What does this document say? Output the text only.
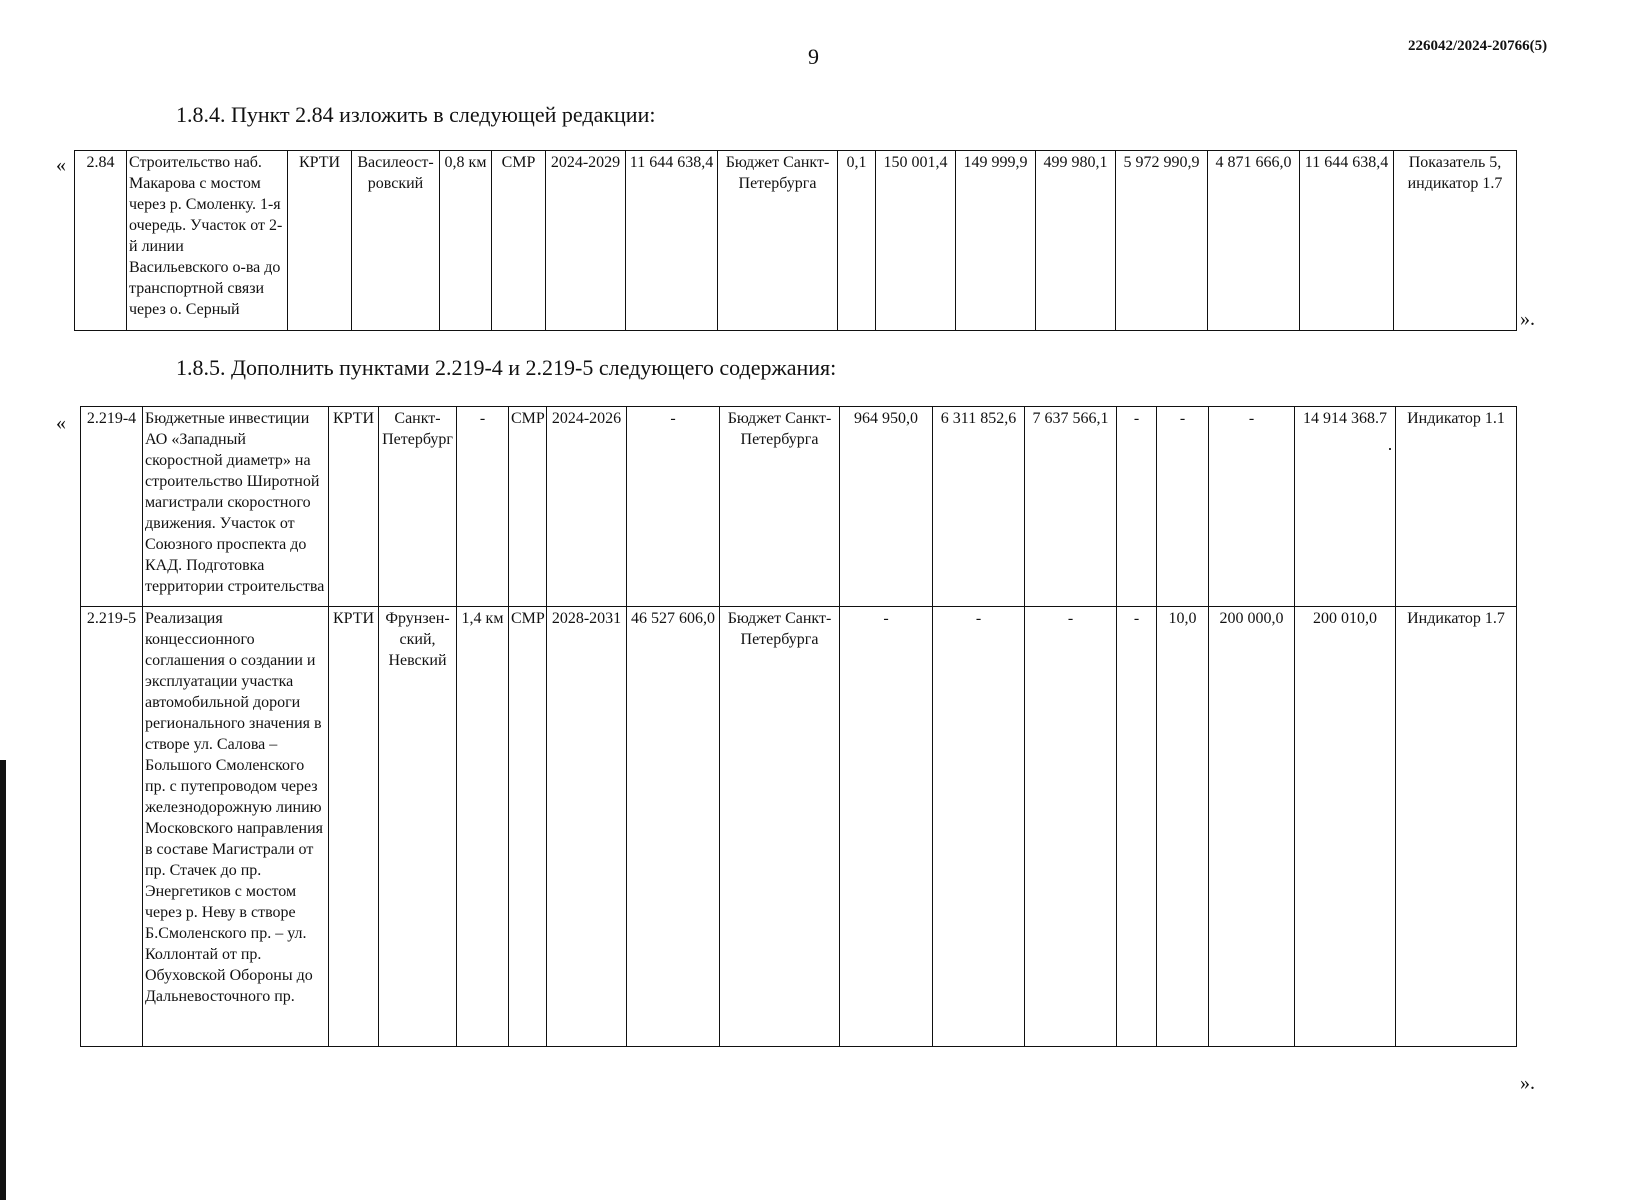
9	226042/2024-20766(5)
1.8.4. Пункт 2.84 изложить в следующей редакции:
« 2.84	Строительство наб. Макарова с мостом через р. Смоленку. 1-я очередь. Участок от 2-й линии Васильевского о-ва до транспортной связи через о. Серный	КРТИ	Василеост-ровский	0,8 км	СМР	2024-2029	11 644 638,4	Бюджет Санкт-Петербурга	0,1	150 001,4	149 999,9	499 980,1	5 972 990,9	4 871 666,0	11 644 638,4	Показатель 5, индикатор 1.7
».
1.8.5. Дополнить пунктами 2.219-4 и 2.219-5 следующего содержания:
« 2.219-4	Бюджетные инвестиции АО «Западный скоростной диаметр» на строительство Широтной магистрали скоростного движения. Участок от Союзного проспекта до КАД. Подготовка территории строительства	КРТИ	Санкт-Петербург	-	СМР	2024-2026	-	Бюджет Санкт-Петербурга	964 950,0	6 311 852,6	7 637 566,1	-	-	-	14 914 368.7	Индикатор 1.1
2.219-5	Реализация концессионного соглашения о создании и эксплуатации участка автомобильной дороги регионального значения в створе ул. Салова – Большого Смоленского пр. с путепроводом через железнодорожную линию Московского направления в составе Магистрали от пр. Стачек до пр. Энергетиков с мостом через р. Неву в створе Б.Смоленского пр. – ул. Коллонтай от пр. Обуховской Обороны до Дальневосточного пр.	КРТИ	Фрунзен-ский, Невский	1,4 км	СМР	2028-2031	46 527 606,0	Бюджет Санкт-Петербурга	-	-	-	-	10,0	200 000,0	200 010,0	Индикатор 1.7
».
